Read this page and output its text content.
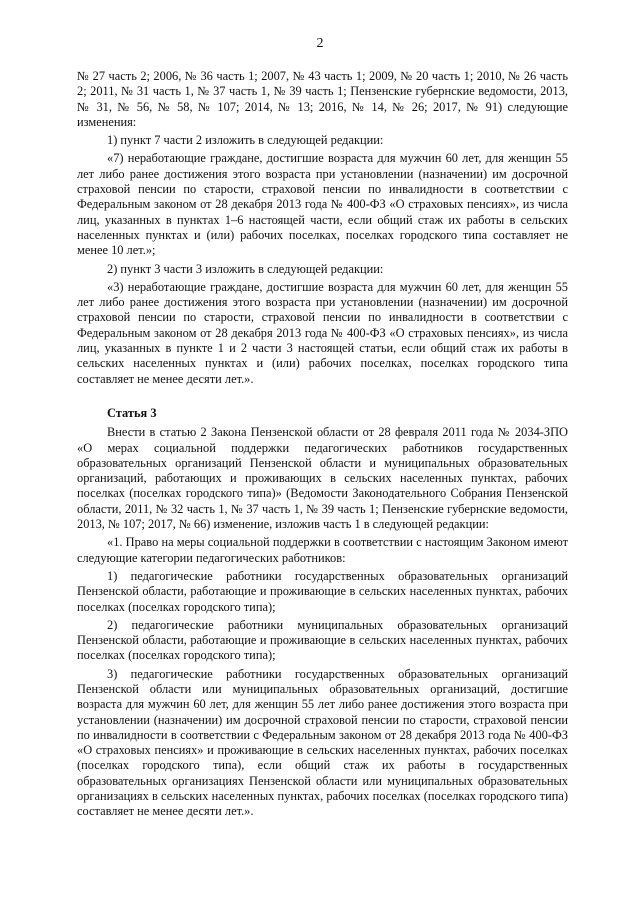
2

№ 27 часть 2; 2006, № 36 часть 1; 2007, № 43 часть 1; 2009, № 20 часть 1; 2010, № 26 часть 2; 2011, № 31 часть 1, № 37 часть 1, № 39 часть 1; Пензенские губернские ведомости, 2013, № 31, № 56, № 58, № 107; 2014, № 13; 2016, № 14, № 26; 2017, № 91) следующие изменения:

1) пункт 7 части 2 изложить в следующей редакции:

«7) неработающие граждане, достигшие возраста для мужчин 60 лет, для женщин 55 лет либо ранее достижения этого возраста при установлении (назначении) им досрочной страховой пенсии по старости, страховой пенсии по инвалидности в соответствии с Федеральным законом от 28 декабря 2013 года № 400-ФЗ «О страховых пенсиях», из числа лиц, указанных в пунктах 1–6 настоящей части, если общий стаж их работы в сельских населенных пунктах и (или) рабочих поселках, поселках городского типа составляет не менее 10 лет.»;

2) пункт 3 части 3 изложить в следующей редакции:

«3) неработающие граждане, достигшие возраста для мужчин 60 лет, для женщин 55 лет либо ранее достижения этого возраста при установлении (назначении) им досрочной страховой пенсии по старости, страховой пенсии по инвалидности в соответствии с Федеральным законом от 28 декабря 2013 года № 400-ФЗ «О страховых пенсиях», из числа лиц, указанных в пункте 1 и 2 части 3 настоящей статьи, если общий стаж их работы в сельских населенных пунктах и (или) рабочих поселках, поселках городского типа составляет не менее десяти лет.».

Статья 3

Внести в статью 2 Закона Пензенской области от 28 февраля 2011 года № 2034-ЗПО «О мерах социальной поддержки педагогических работников государственных образовательных организаций Пензенской области и муниципальных образовательных организаций, работающих и проживающих в сельских населенных пунктах, рабочих поселках (поселках городского типа)» (Ведомости Законодательного Собрания Пензенской области, 2011, № 32 часть 1, № 37 часть 1, № 39 часть 1; Пензенские губернские ведомости, 2013, № 107; 2017, № 66) изменение, изложив часть 1 в следующей редакции:

«1. Право на меры социальной поддержки в соответствии с настоящим Законом имеют следующие категории педагогических работников:

1) педагогические работники государственных образовательных организаций Пензенской области, работающие и проживающие в сельских населенных пунктах, рабочих поселках (поселках городского типа);

2) педагогические работники муниципальных образовательных организаций Пензенской области, работающие и проживающие в сельских населенных пунктах, рабочих поселках (поселках городского типа);

3) педагогические работники государственных образовательных организаций Пензенской области или муниципальных образовательных организаций, достигшие возраста для мужчин 60 лет, для женщин 55 лет либо ранее достижения этого возраста при установлении (назначении) им досрочной страховой пенсии по старости, страховой пенсии по инвалидности в соответствии с Федеральным законом от 28 декабря 2013 года № 400-ФЗ «О страховых пенсиях» и проживающие в сельских населенных пунктах, рабочих поселках (поселках городского типа), если общий стаж их работы в государственных образовательных организациях Пензенской области или муниципальных образовательных организациях в сельских населенных пунктах, рабочих поселках (поселках городского типа) составляет не менее десяти лет.».
